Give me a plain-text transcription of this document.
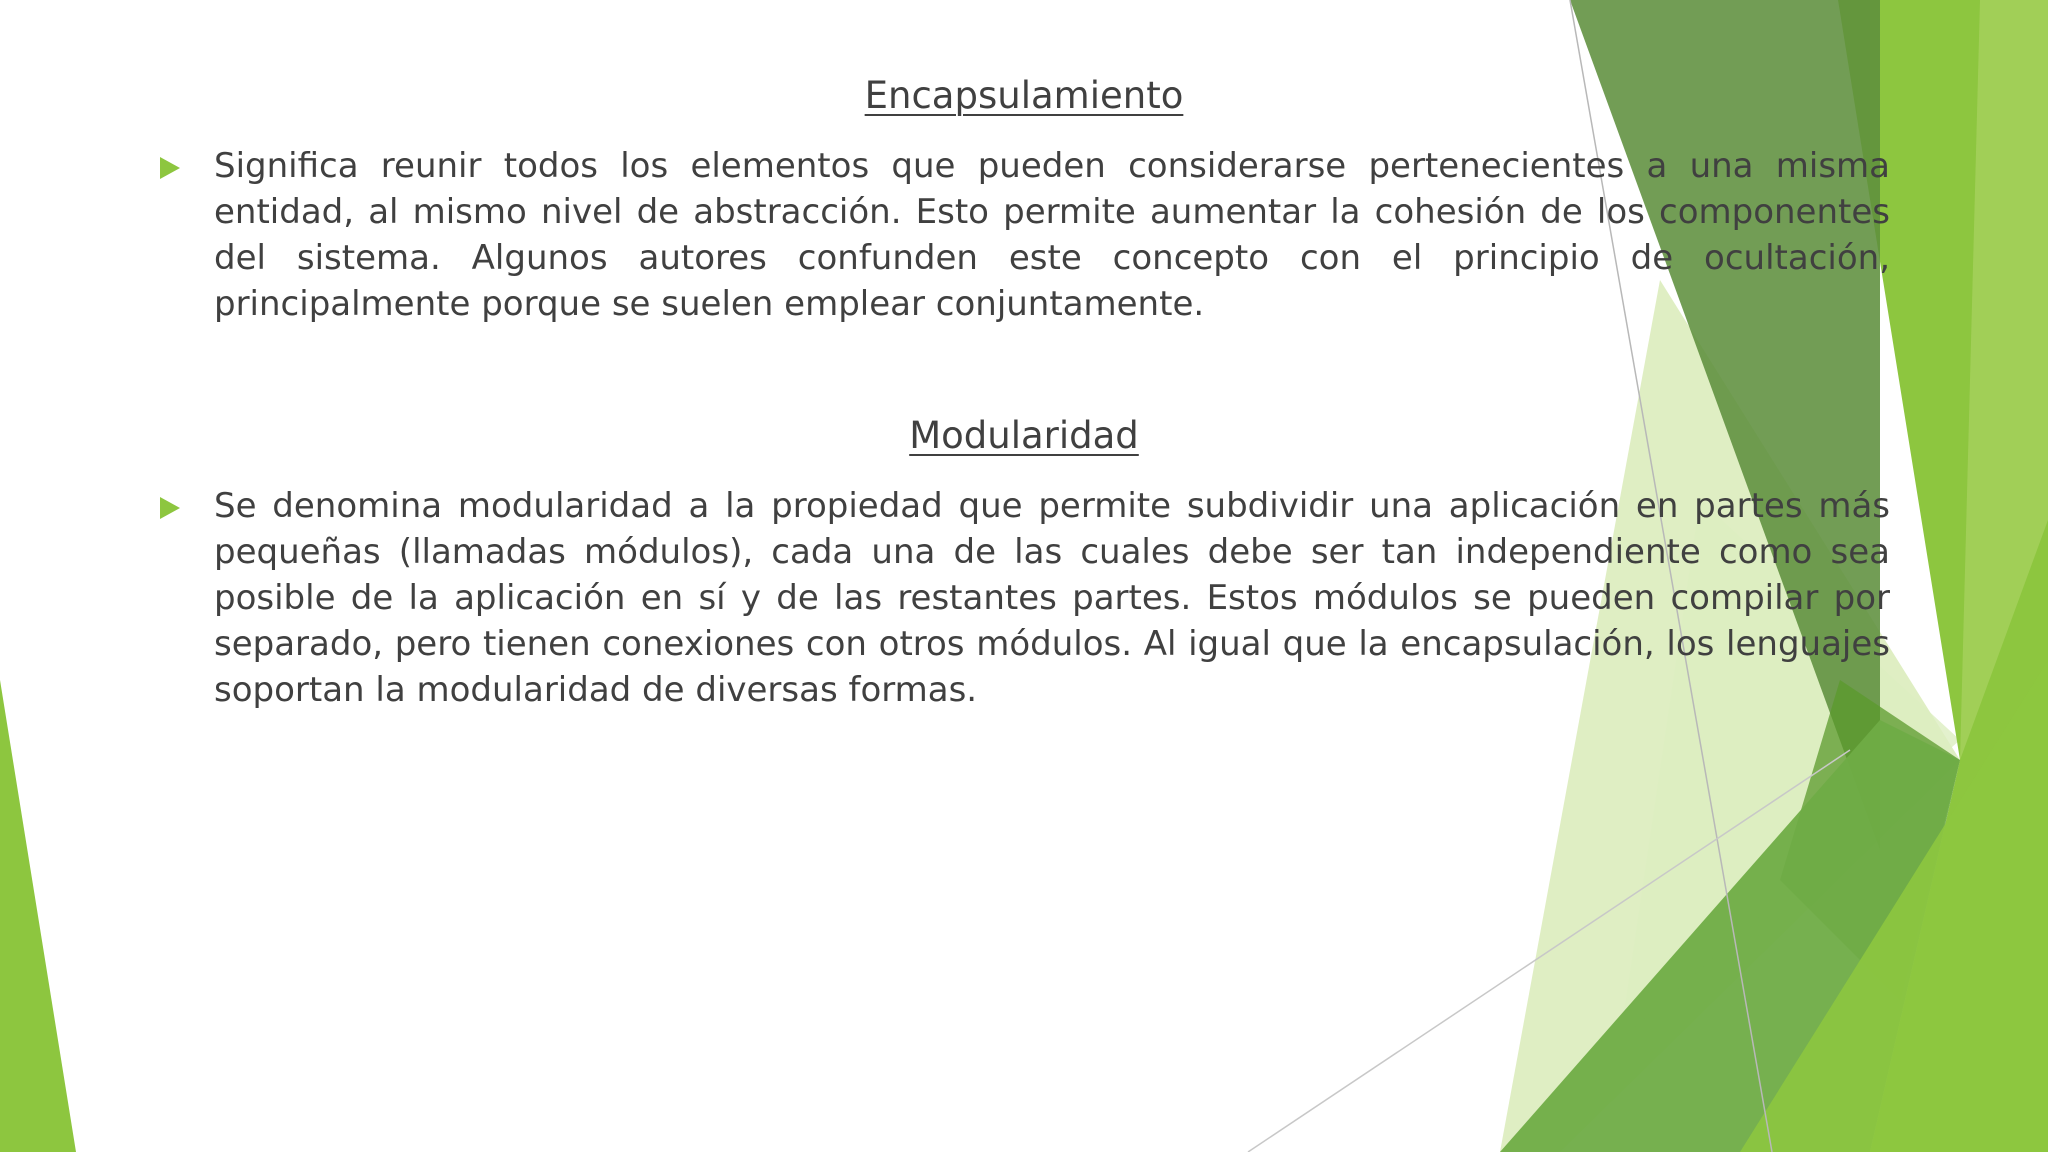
Encapsulamiento

Significa reunir todos los elementos que pueden considerarse pertenecientes a una misma entidad, al mismo nivel de abstracción. Esto permite aumentar la cohesión de los componentes del sistema. Algunos autores confunden este concepto con el principio de ocultación, principalmente porque se suelen emplear conjuntamente.

Modularidad

Se denomina modularidad a la propiedad que permite subdividir una aplicación en partes más pequeñas (llamadas módulos), cada una de las cuales debe ser tan independiente como sea posible de la aplicación en sí y de las restantes partes. Estos módulos se pueden compilar por separado, pero tienen conexiones con otros módulos. Al igual que la encapsulación, los lenguajes soportan la modularidad de diversas formas.
